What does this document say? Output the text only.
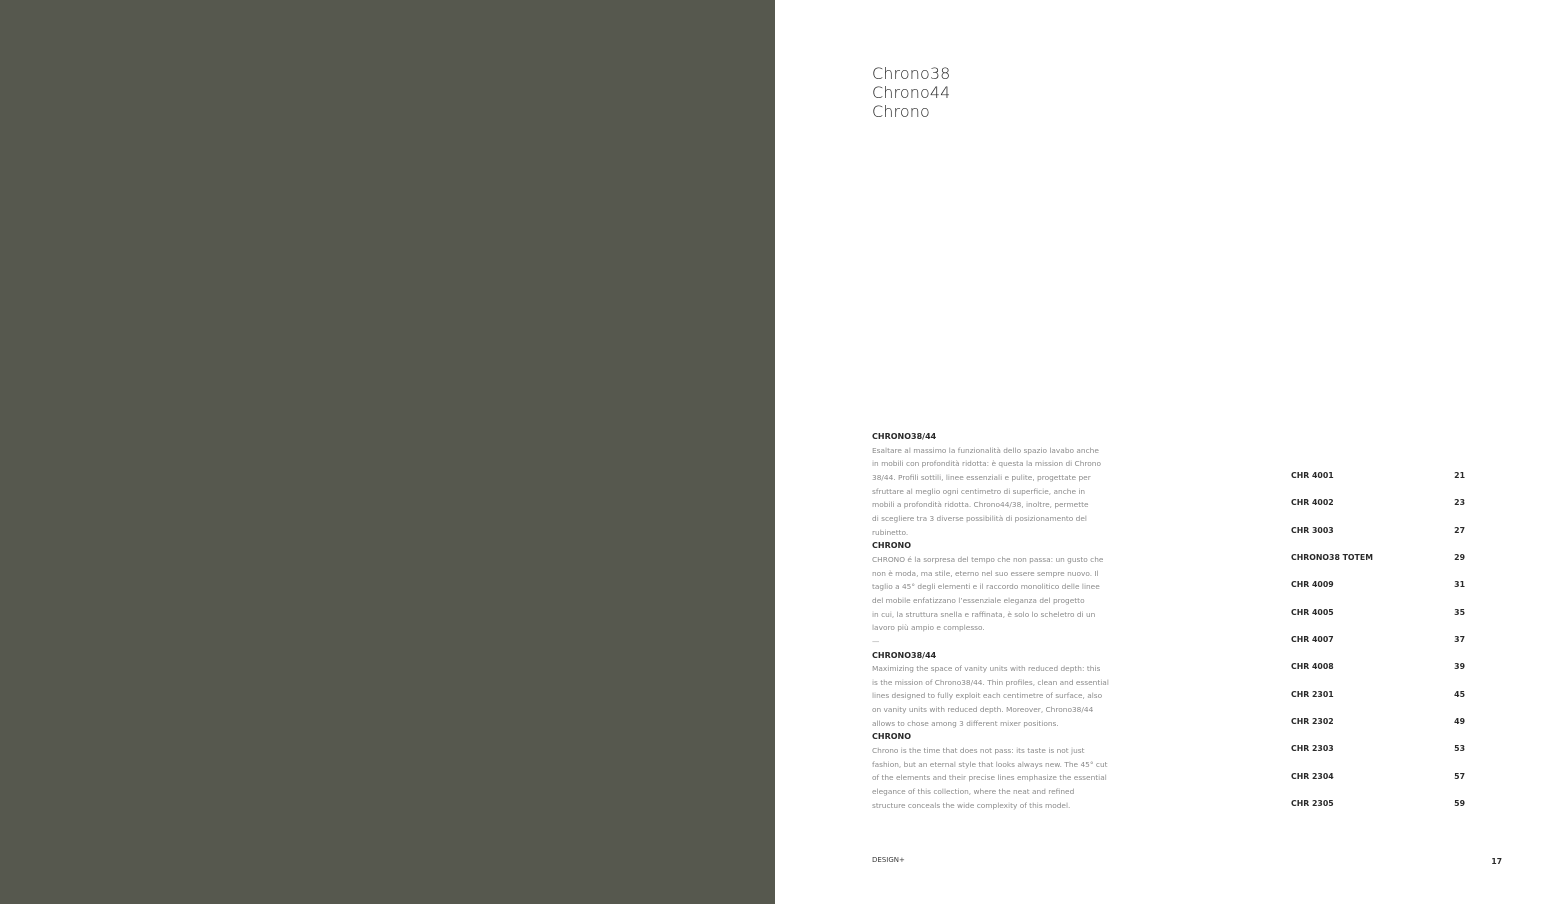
Chrono38
Chrono44
Chrono
CHRONO38/44
Esaltare al massimo la funzionalità dello spazio lavabo anche
in mobili con profondità ridotta: è questa la mission di Chrono
38/44. Profili sottili, linee essenziali e pulite, progettate per
sfruttare al meglio ogni centimetro di superficie, anche in
mobili a profondità ridotta. Chrono44/38, inoltre, permette
di scegliere tra 3 diverse possibilità di posizionamento del
rubinetto.
CHRONO
CHRONO é la sorpresa del tempo che non passa: un gusto che
non è moda, ma stile, eterno nel suo essere sempre nuovo. Il
taglio a 45° degli elementi e il raccordo monolitico delle linee
del mobile enfatizzano l’essenziale eleganza del progetto
in cui, la struttura snella e raffinata, è solo lo scheletro di un
lavoro più ampio e complesso.
—
CHRONO38/44
Maximizing the space of vanity units with reduced depth: this
is the mission of Chrono38/44. Thin profiles, clean and essential
lines designed to fully exploit each centimetre of surface, also
on vanity units with reduced depth. Moreover, Chrono38/44
allows to chose among 3 different mixer positions.
CHRONO
Chrono is the time that does not pass: its taste is not just
fashion, but an eternal style that looks always new. The 45° cut
of the elements and their precise lines emphasize the essential
elegance of this collection, where the neat and refined
structure conceals the wide complexity of this model.
CHR 4001	21
CHR 4002	23
CHR 3003	27
CHRONO38 TOTEM	29
CHR 4009	31
CHR 4005	35
CHR 4007	37
CHR 4008	39
CHR 2301	45
CHR 2302	49
CHR 2303	53
CHR 2304	57
CHR 2305	59
DESIGN+	17
